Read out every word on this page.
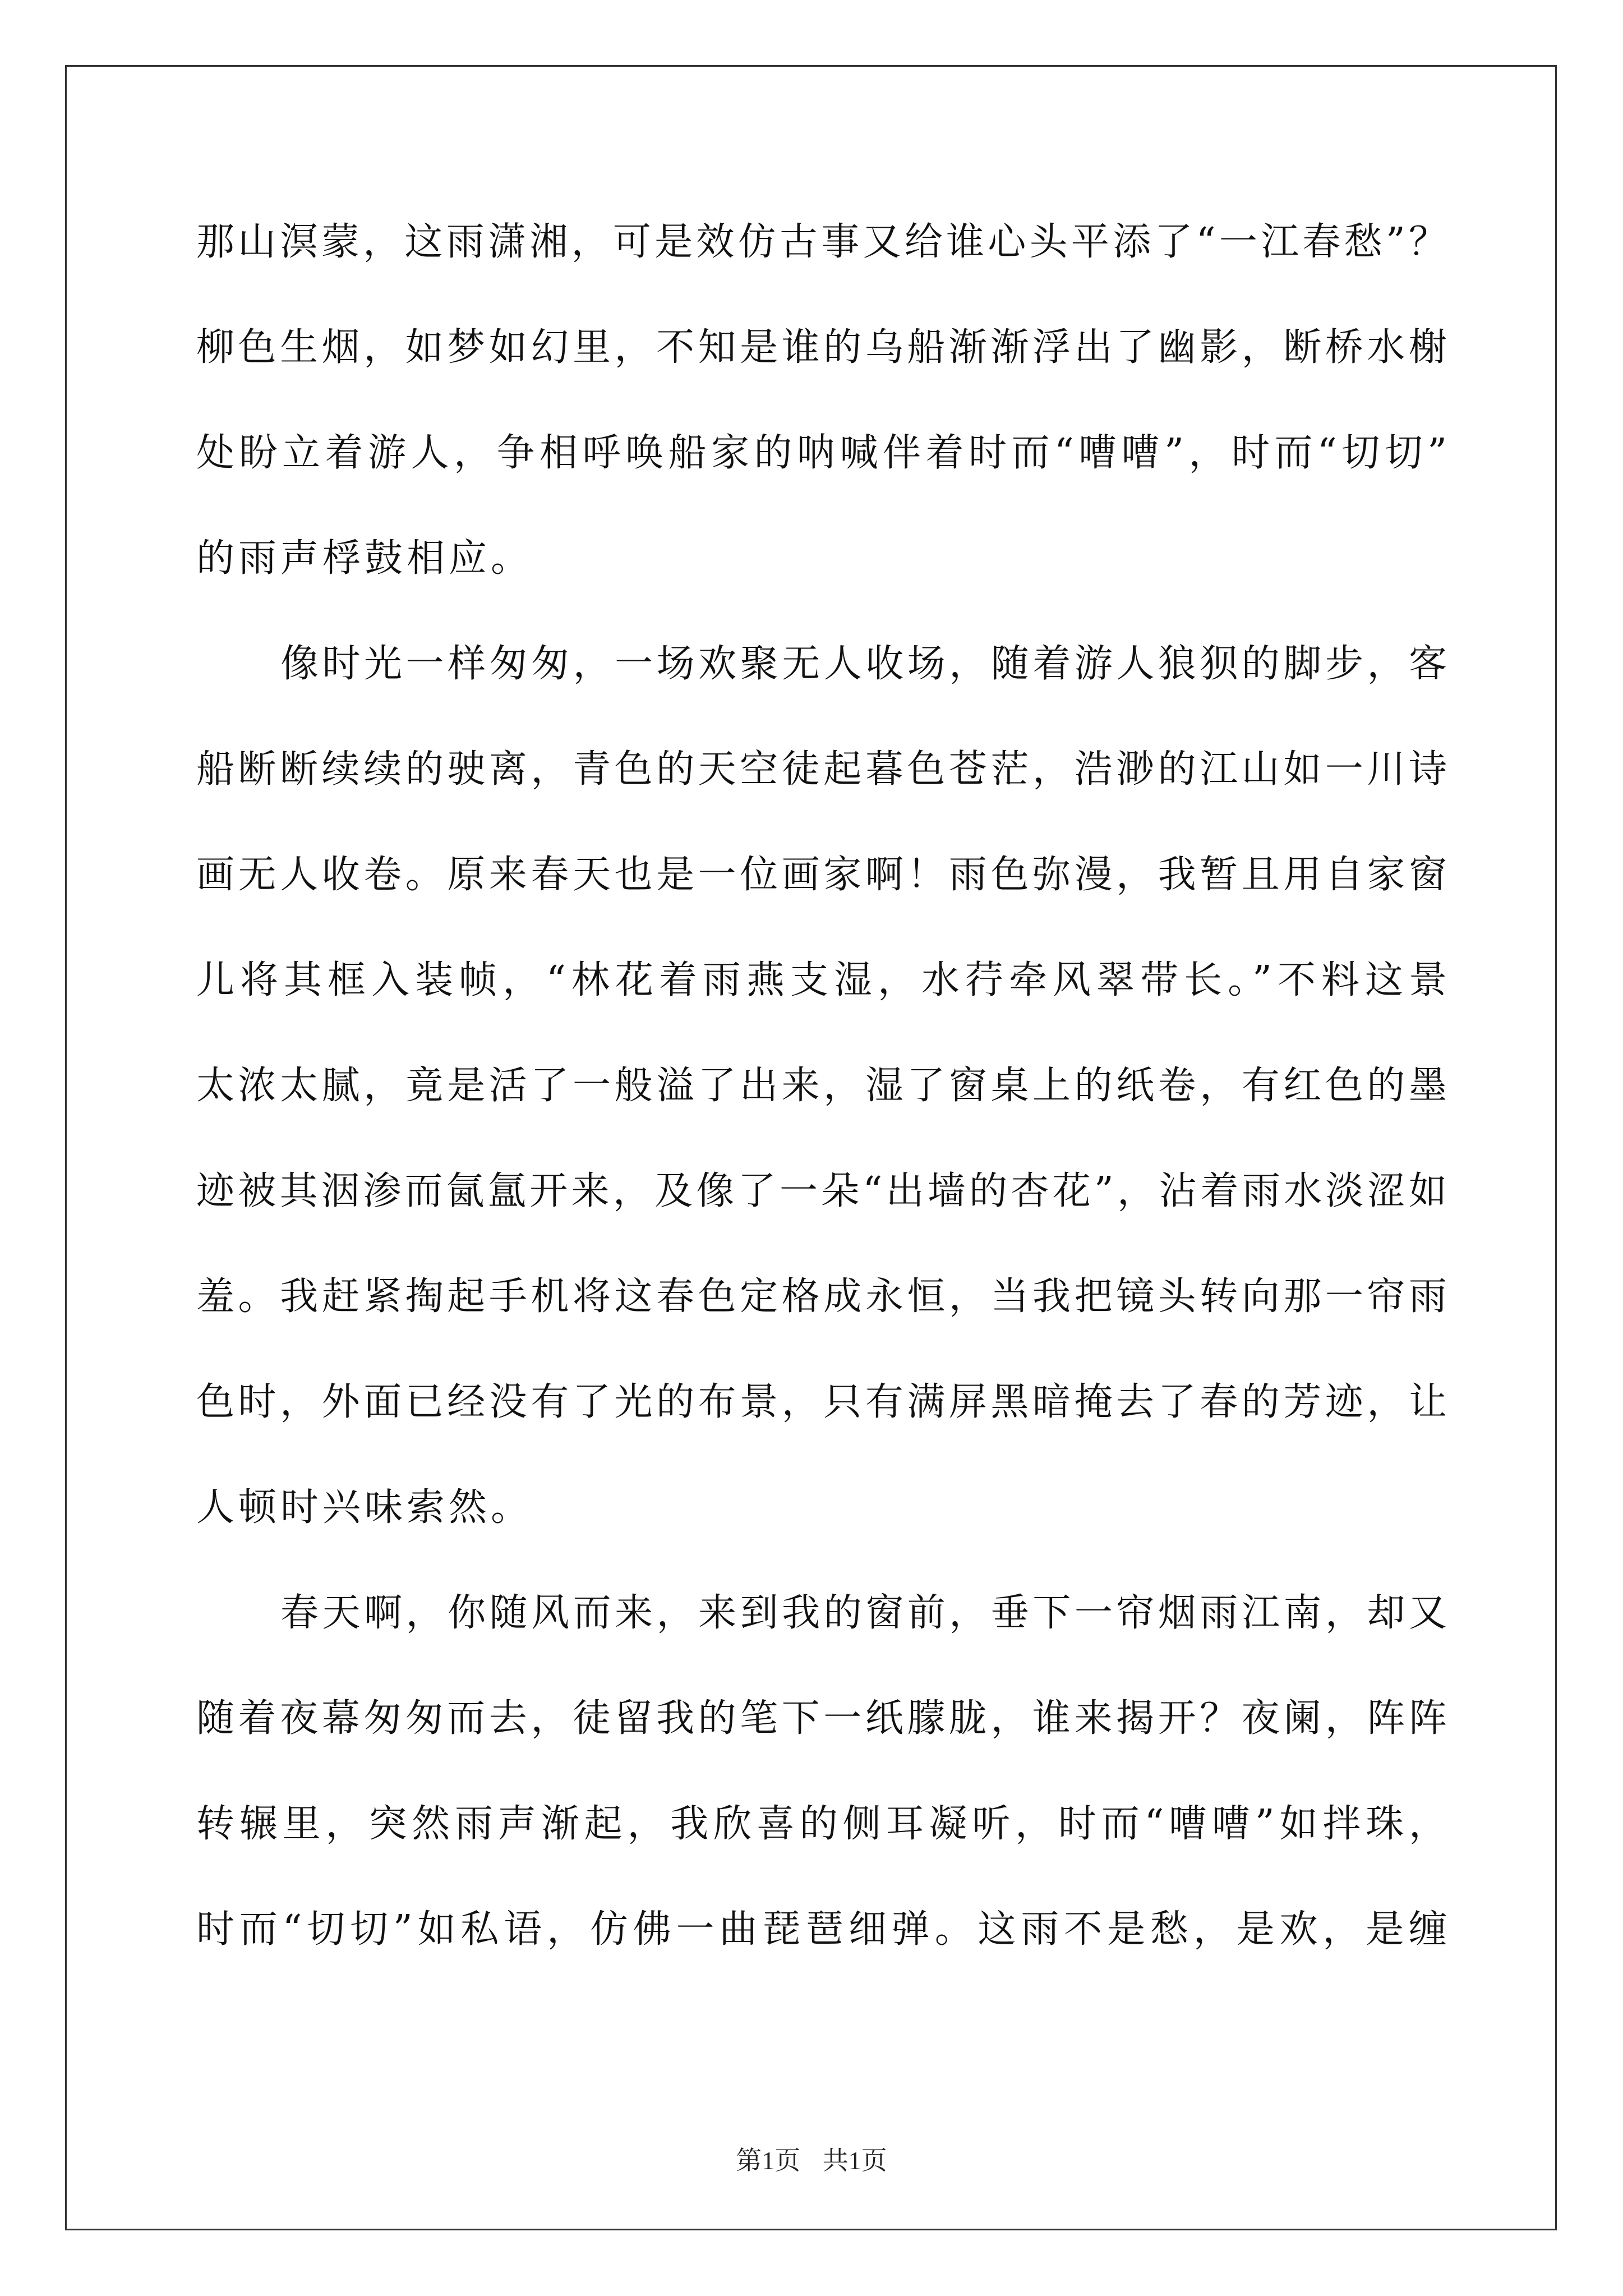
那山溟蒙，这雨潇湘，可是效仿古事又给谁心头平添了“一江春愁”？
柳色生烟，如梦如幻里，不知是谁的乌船渐渐浮出了幽影，断桥水榭
处盼立着游人，争相呼唤船家的呐喊伴着时而“嘈嘈”，时而“切切”
的雨声桴鼓相应。
像时光一样匆匆，一场欢聚无人收场，随着游人狼狈的脚步，客
船断断续续的驶离，青色的天空徒起暮色苍茫，浩渺的江山如一川诗
画无人收卷。原来春天也是一位画家啊！雨色弥漫，我暂且用自家窗
儿将其框入装帧，“林花着雨燕支湿，水荇牵风翠带长。”不料这景
太浓太腻，竟是活了一般溢了出来，湿了窗桌上的纸卷，有红色的墨
迹被其洇渗而氤氲开来，及像了一朵“出墙的杏花”，沾着雨水淡涩如
羞。我赶紧掏起手机将这春色定格成永恒，当我把镜头转向那一帘雨
色时，外面已经没有了光的布景，只有满屏黑暗掩去了春的芳迹，让
人顿时兴味索然。
春天啊，你随风而来，来到我的窗前，垂下一帘烟雨江南，却又
随着夜幕匆匆而去，徒留我的笔下一纸朦胧，谁来揭开？夜阑，阵阵
转辗里，突然雨声渐起，我欣喜的侧耳凝听，时而“嘈嘈”如拌珠，
时而“切切”如私语，仿佛一曲琵琶细弹。这雨不是愁，是欢，是缠
第1页 共1页
